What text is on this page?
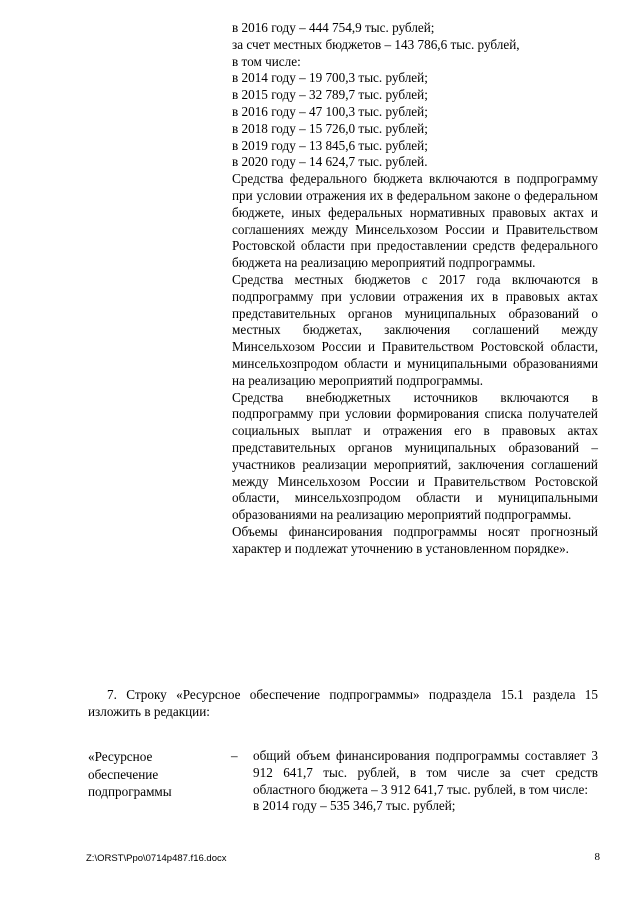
в 2016 году – 444 754,9 тыс. рублей;
за счет местных бюджетов – 143 786,6 тыс. рублей,
в том числе:
в 2014 году – 19 700,3 тыс. рублей;
в 2015 году – 32 789,7 тыс. рублей;
в 2016 году – 47 100,3 тыс. рублей;
в 2018 году – 15 726,0 тыс. рублей;
в 2019 году – 13 845,6 тыс. рублей;
в 2020 году – 14 624,7 тыс. рублей.

Средства федерального бюджета включаются в подпрограмму при условии отражения их в федеральном законе о федеральном бюджете, иных федеральных нормативных правовых актах и соглашениях между Минсельхозом России и Правительством Ростовской области при предоставлении средств федерального бюджета на реализацию мероприятий подпрограммы.

Средства местных бюджетов с 2017 года включаются в подпрограмму при условии отражения их в правовых актах представительных органов муниципальных образований о местных бюджетах, заключения соглашений между Минсельхозом России и Правительством Ростовской области, минсельхозпродом области и муниципальными образованиями на реализацию мероприятий подпрограммы.

Средства внебюджетных источников включаются в подпрограмму при условии формирования списка получателей социальных выплат и отражения его в правовых актах представительных органов муниципальных образований – участников реализации мероприятий, заключения соглашений между Минсельхозом России и Правительством Ростовской области, минсельхозпродом области и муниципальными образованиями на реализацию мероприятий подпрограммы.

Объемы финансирования подпрограммы носят прогнозный характер и подлежат уточнению в установленном порядке».

7. Строку «Ресурсное обеспечение подпрограммы» подраздела 15.1 раздела 15 изложить в редакции:
«Ресурсное обеспечение подпрограммы
– общий объем финансирования подпрограммы составляет 3 912 641,7 тыс. рублей, в том числе за счет средств областного бюджета – 3 912 641,7 тыс. рублей, в том числе:

в 2014 году – 535 346,7 тыс. рублей;
Z:\ORST\Ppo\0714p487.f16.docx	8
